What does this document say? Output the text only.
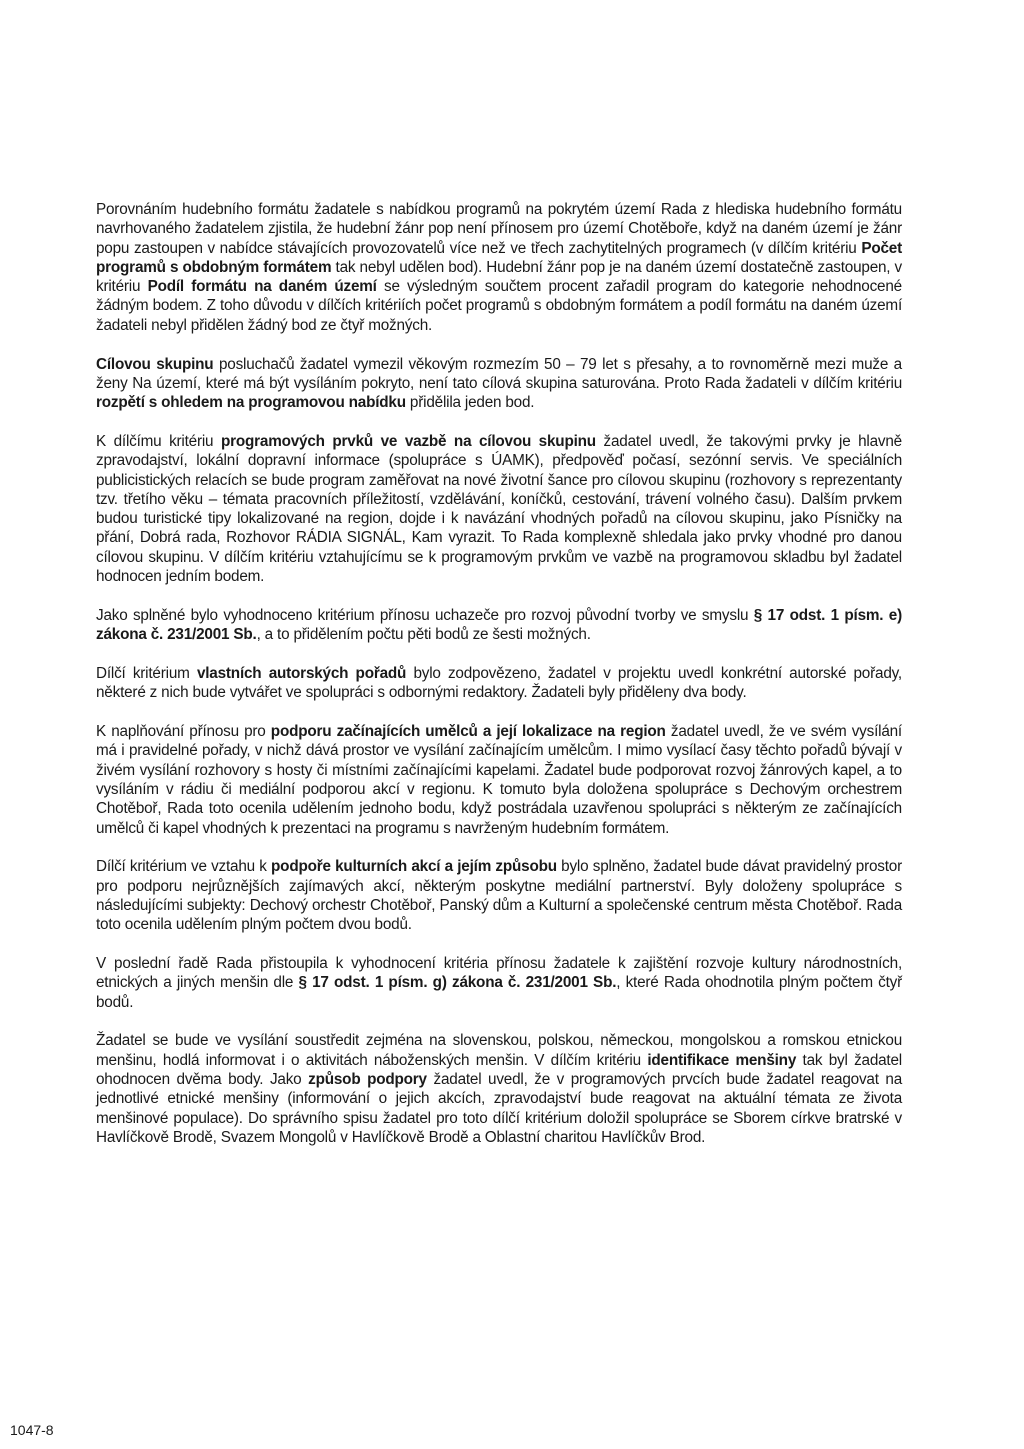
Porovnáním hudebního formátu žadatele s nabídkou programů na pokrytém území Rada z hlediska hudebního formátu navrhovaného žadatelem zjistila, že hudební žánr pop není přínosem pro území Chotěboře, když na daném území je žánr popu zastoupen v nabídce stávajících provozovatelů více než ve třech zachytitelných programech (v dílčím kritériu Počet programů s obdobným formátem tak nebyl udělen bod). Hudební žánr pop je na daném území dostatečně zastoupen, v kritériu Podíl formátu na daném území se výsledným součtem procent zařadil program do kategorie nehodnocené žádným bodem. Z toho důvodu v dílčích kritériích počet programů s obdobným formátem a podíl formátu na daném území žadateli nebyl přidělen žádný bod ze čtyř možných.

Cílovou skupinu posluchačů žadatel vymezil věkovým rozmezím 50 – 79 let s přesahy, a to rovnoměrně mezi muže a ženy Na území, které má být vysíláním pokryto, není tato cílová skupina saturována. Proto Rada žadateli v dílčím kritériu rozpětí s ohledem na programovou nabídku přidělila jeden bod.

K dílčímu kritériu programových prvků ve vazbě na cílovou skupinu žadatel uvedl, že takovými prvky je hlavně zpravodajství, lokální dopravní informace (spolupráce s ÚAMK), předpověď počasí, sezónní servis. Ve speciálních publicistických relacích se bude program zaměřovat na nové životní šance pro cílovou skupinu (rozhovory s reprezentanty tzv. třetího věku – témata pracovních příležitostí, vzdělávání, koníčků, cestování, trávení volného času). Dalším prvkem budou turistické tipy lokalizované na region, dojde i k navázání vhodných pořadů na cílovou skupinu, jako Písničky na přání, Dobrá rada, Rozhovor RÁDIA SIGNÁL, Kam vyrazit. To Rada komplexně shledala jako prvky vhodné pro danou cílovou skupinu. V dílčím kritériu vztahujícímu se k programovým prvkům ve vazbě na programovou skladbu byl žadatel hodnocen jedním bodem.

Jako splněné bylo vyhodnoceno kritérium přínosu uchazeče pro rozvoj původní tvorby ve smyslu § 17 odst. 1 písm. e) zákona č. 231/2001 Sb., a to přidělením počtu pěti bodů ze šesti možných.

Dílčí kritérium vlastních autorských pořadů bylo zodpovězeno, žadatel v projektu uvedl konkrétní autorské pořady, některé z nich bude vytvářet ve spolupráci s odbornými redaktory. Žadateli byly přiděleny dva body.

K naplňování přínosu pro podporu začínajících umělců a její lokalizace na region žadatel uvedl, že ve svém vysílání má i pravidelné pořady, v nichž dává prostor ve vysílání začínajícím umělcům. I mimo vysílací časy těchto pořadů bývají v živém vysílání rozhovory s hosty či místními začínajícími kapelami. Žadatel bude podporovat rozvoj žánrových kapel, a to vysíláním v rádiu či mediální podporou akcí v regionu. K tomuto byla doložena spolupráce s Dechovým orchestrem Chotěboř, Rada toto ocenila udělením jednoho bodu, když postrádala uzavřenou spolupráci s některým ze začínajících umělců či kapel vhodných k prezentaci na programu s navrženým hudebním formátem.

Dílčí kritérium ve vztahu k podpoře kulturních akcí a jejím způsobu bylo splněno, žadatel bude dávat pravidelný prostor pro podporu nejrůznějších zajímavých akcí, některým poskytne mediální partnerství. Byly doloženy spolupráce s následujícími subjekty: Dechový orchestr Chotěboř, Panský dům a Kulturní a společenské centrum města Chotěboř. Rada toto ocenila udělením plným počtem dvou bodů.

V poslední řadě Rada přistoupila k vyhodnocení kritéria přínosu žadatele k zajištění rozvoje kultury národnostních, etnických a jiných menšin dle § 17 odst. 1 písm. g) zákona č. 231/2001 Sb., které Rada ohodnotila plným počtem čtyř bodů.

Žadatel se bude ve vysílání soustředit zejména na slovenskou, polskou, německou, mongolskou a romskou etnickou menšinu, hodlá informovat i o aktivitách náboženských menšin. V dílčím kritériu identifikace menšiny tak byl žadatel ohodnocen dvěma body. Jako způsob podpory žadatel uvedl, že v programových prvcích bude žadatel reagovat na jednotlivé etnické menšiny (informování o jejich akcích, zpravodajství bude reagovat na aktuální témata ze života menšinové populace). Do správního spisu žadatel pro toto dílčí kritérium doložil spolupráce se Sborem církve bratrské v Havlíčkově Brodě, Svazem Mongolů v Havlíčkově Brodě a Oblastní charitou Havlíčkův Brod.

1047-8
